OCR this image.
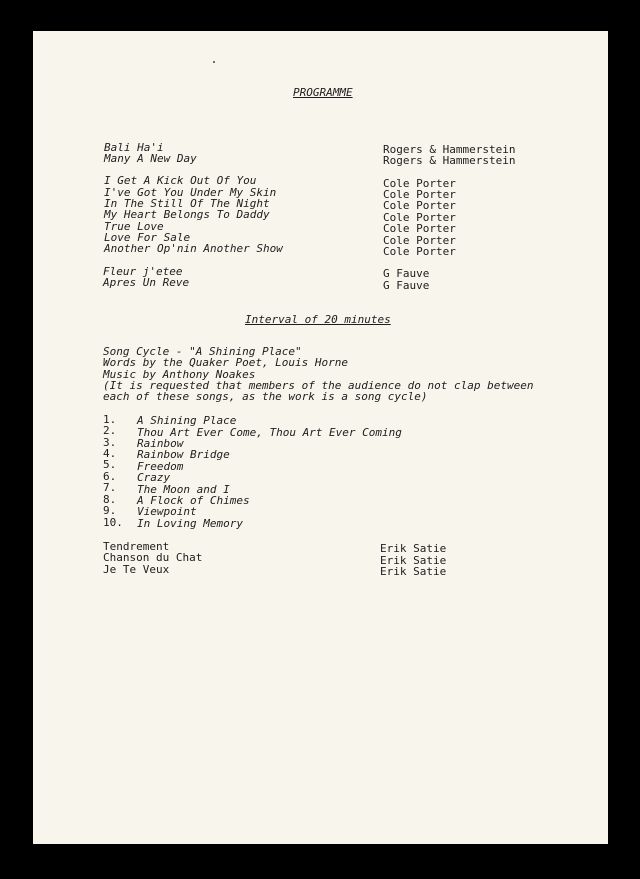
PROGRAMME
Bali Ha'i	Rogers & Hammerstein
Many A New Day	Rogers & Hammerstein
I Get A Kick Out Of You	Cole Porter
I've Got You Under My Skin	Cole Porter
In The Still Of The Night	Cole Porter
My Heart Belongs To Daddy	Cole Porter
True Love	Cole Porter
Love For Sale	Cole Porter
Another Op'nin Another Show	Cole Porter
Fleur j'etee	G Fauve
Apres Un Reve	G Fauve
Interval of 20 minutes
Song Cycle - "A Shining Place"
Words by the Quaker Poet, Louis Horne
Music by Anthony Noakes
(It is requested that members of the audience do not clap between
each of these songs, as the work is a song cycle)
1. A Shining Place
2. Thou Art Ever Come, Thou Art Ever Coming
3. Rainbow
4. Rainbow Bridge
5. Freedom
6. Crazy
7. The Moon and I
8. A Flock of Chimes
9. Viewpoint
10. In Loving Memory
Tendrement	Erik Satie
Chanson du Chat	Erik Satie
Je Te Veux	Erik Satie
